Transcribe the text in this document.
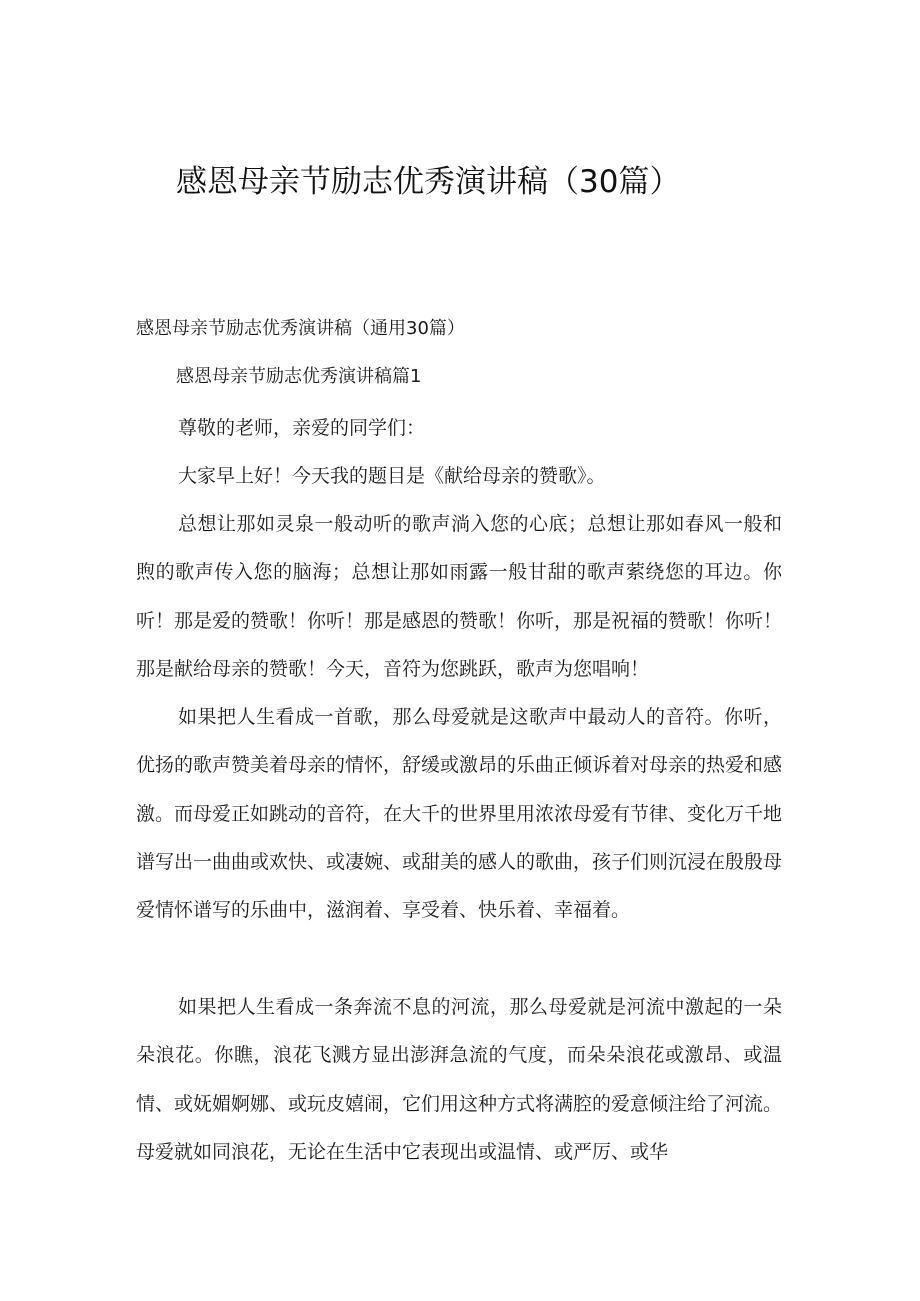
感恩母亲节励志优秀演讲稿（30篇）
感恩母亲节励志优秀演讲稿（通用30篇）
感恩母亲节励志优秀演讲稿篇1

尊敬的老师，亲爱的同学们：

大家早上好！今天我的题目是《献给母亲的赞歌》。

总想让那如灵泉一般动听的歌声淌入您的心底；总想让那如春风一般和煦的歌声传入您的脑海；总想让那如雨露一般甘甜的歌声萦绕您的耳边。你听！那是爱的赞歌！你听！那是感恩的赞歌！你听，那是祝福的赞歌！你听！那是献给母亲的赞歌！今天，音符为您跳跃，歌声为您唱响！

如果把人生看成一首歌，那么母爱就是这歌声中最动人的音符。你听，优扬的歌声赞美着母亲的情怀，舒缓或激昂的乐曲正倾诉着对母亲的热爱和感激。而母爱正如跳动的音符，在大千的世界里用浓浓母爱有节律、变化万千地谱写出一曲曲或欢快、或凄婉、或甜美的感人的歌曲，孩子们则沉浸在殷殷母爱情怀谱写的乐曲中，滋润着、享受着、快乐着、幸福着。

如果把人生看成一条奔流不息的河流，那么母爱就是河流中激起的一朵朵浪花。你瞧，浪花飞溅方显出澎湃急流的气度，而朵朵浪花或激昂、或温情、或妩媚婀娜、或玩皮嬉闹，它们用这种方式将满腔的爱意倾注给了河流。母爱就如同浪花，无论在生活中它表现出或温情、或严厉、或华
